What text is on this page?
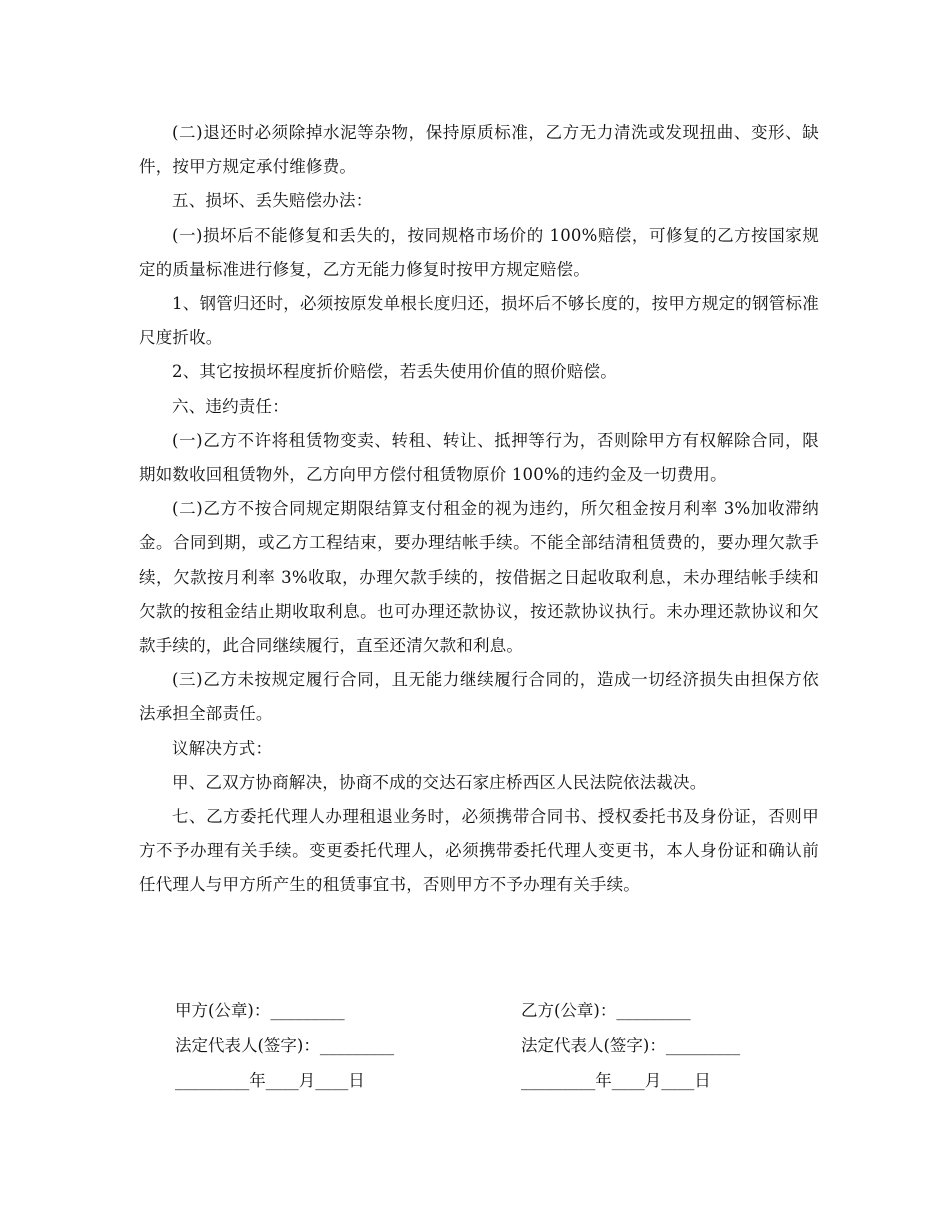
(二)退还时必须除掉水泥等杂物，保持原质标准，乙方无力清洗或发现扭曲、变形、缺件，按甲方规定承付维修费。

五、损坏、丢失赔偿办法：

(一)损坏后不能修复和丢失的，按同规格市场价的 100%赔偿，可修复的乙方按国家规定的质量标准进行修复，乙方无能力修复时按甲方规定赔偿。

1、钢管归还时，必须按原发单根长度归还，损坏后不够长度的，按甲方规定的钢管标准尺度折收。

2、其它按损坏程度折价赔偿，若丢失使用价值的照价赔偿。

六、违约责任：

(一)乙方不许将租赁物变卖、转租、转让、抵押等行为，否则除甲方有权解除合同，限期如数收回租赁物外，乙方向甲方偿付租赁物原价 100%的违约金及一切费用。

(二)乙方不按合同规定期限结算支付租金的视为违约，所欠租金按月利率 3%加收滞纳金。合同到期，或乙方工程结束，要办理结帐手续。不能全部结清租赁费的，要办理欠款手续，欠款按月利率 3%收取，办理欠款手续的，按借据之日起收取利息，未办理结帐手续和欠款的按租金结止期收取利息。也可办理还款协议，按还款协议执行。未办理还款协议和欠款手续的，此合同继续履行，直至还清欠款和利息。

(三)乙方未按规定履行合同，且无能力继续履行合同的，造成一切经济损失由担保方依法承担全部责任。

议解决方式：

甲、乙双方协商解决，协商不成的交达石家庄桥西区人民法院依法裁决。

七、乙方委托代理人办理租退业务时，必须携带合同书、授权委托书及身份证，否则甲方不予办理有关手续。变更委托代理人，必须携带委托代理人变更书，本人身份证和确认前任代理人与甲方所产生的租赁事宜书，否则甲方不予办理有关手续。

甲方(公章)：_________	乙方(公章)：_________
法定代表人(签字)：_________	法定代表人(签字)：_________
_________年____月____日	_________年____月____日
